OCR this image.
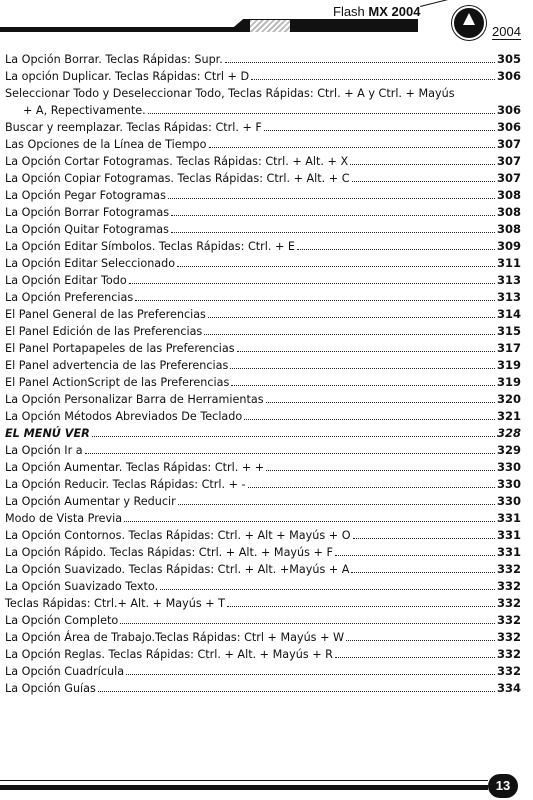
Flash MX 2004
2004
La Opción Borrar. Teclas Rápidas: Supr.	305
La opción Duplicar. Teclas Rápidas: Ctrl + D	306
Seleccionar Todo y Deseleccionar Todo, Teclas Rápidas: Ctrl. + A y Ctrl. + Mayús
+ A, Repectivamente.	306
Buscar y reemplazar. Teclas Rápidas: Ctrl. + F	306
Las Opciones de la Línea de Tiempo	307
La Opción Cortar Fotogramas. Teclas Rápidas: Ctrl. + Alt. + X	307
La Opción Copiar Fotogramas. Teclas Rápidas: Ctrl. + Alt. + C	307
La Opción Pegar Fotogramas	308
La Opción Borrar Fotogramas	308
La Opción Quitar Fotogramas	308
La Opción Editar Símbolos. Teclas Rápidas: Ctrl. + E	309
La Opción Editar Seleccionado	311
La Opción Editar Todo	313
La Opción Preferencias	313
El Panel General de las Preferencias	314
El Panel Edición de las Preferencias	315
El Panel Portapapeles de las Preferencias	317
El Panel advertencia de las Preferencias	319
El Panel ActionScript de las Preferencias	319
La Opción Personalizar Barra de Herramientas	320
La Opción Métodos Abreviados De Teclado	321
EL MENÚ VER	328
La Opción Ir a	329
La Opción Aumentar. Teclas Rápidas: Ctrl. + +	330
La Opción Reducir. Teclas Rápidas: Ctrl. + -	330
La Opción Aumentar y Reducir	330
Modo de Vista Previa	331
La Opción Contornos. Teclas Rápidas: Ctrl. + Alt + Mayús + O	331
La Opción Rápido. Teclas Rápidas: Ctrl. + Alt. + Mayús + F	331
La Opción Suavizado. Teclas Rápidas: Ctrl. + Alt. +Mayús + A	332
La Opción Suavizado Texto.	332
Teclas Rápidas: Ctrl.+ Alt. + Mayús + T	332
La Opción Completo	332
La Opción Área de Trabajo.Teclas Rápidas: Ctrl + Mayús + W	332
La Opción Reglas. Teclas Rápidas: Ctrl. + Alt. + Mayús + R	332
La Opción Cuadrícula	332
La Opción Guías	334
13
